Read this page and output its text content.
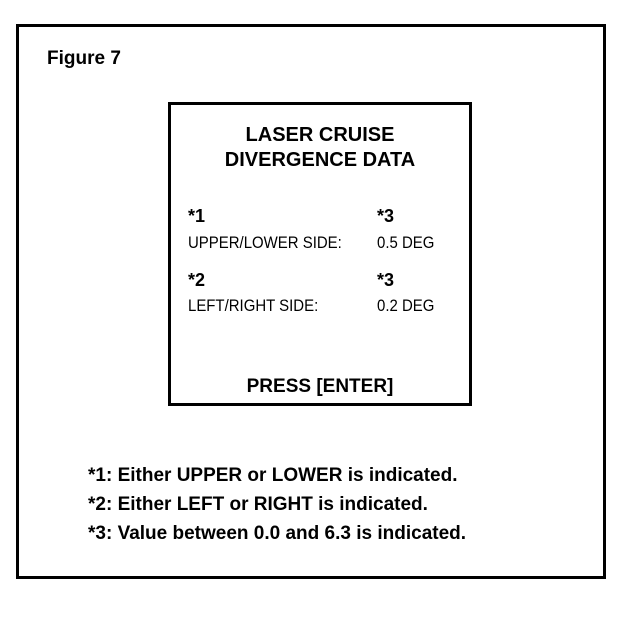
Figure 7
LASER CRUISE
DIVERGENCE DATA
*1	*3
UPPER/LOWER SIDE: 0.5 DEG
*2	*3
LEFT/RIGHT SIDE:	0.2 DEG
PRESS [ENTER]
*1: Either UPPER or LOWER is indicated.
*2: Either LEFT or RIGHT is indicated.
*3: Value between 0.0 and 6.3 is indicated.
